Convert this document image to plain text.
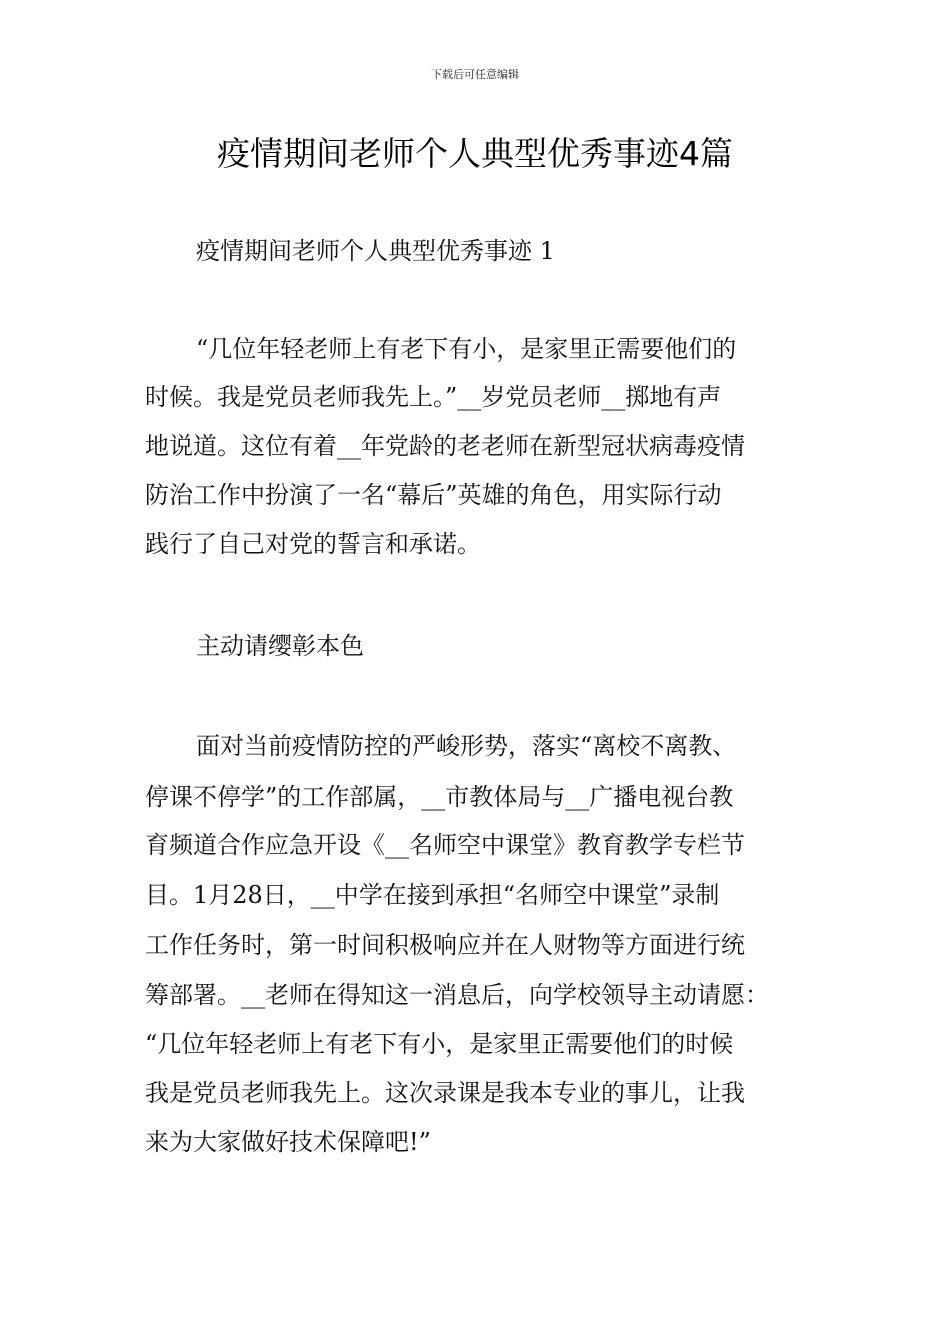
下载后可任意编辑
疫情期间老师个人典型优秀事迹4篇
疫情期间老师个人典型优秀事迹 1
“几位年轻老师上有老下有小，是家里正需要他们的
时候。我是党员老师我先上。”__岁党员老师__掷地有声
地说道。这位有着__年党龄的老老师在新型冠状病毒疫情
防治工作中扮演了一名“幕后”英雄的角色，用实际行动
践行了自己对党的誓言和承诺。
主动请缨彰本色
面对当前疫情防控的严峻形势，落实“离校不离教、
停课不停学”的工作部属，__市教体局与__广播电视台教
育频道合作应急开设《__名师空中课堂》教育教学专栏节
目。1月28日，__中学在接到承担“名师空中课堂”录制
工作任务时，第一时间积极响应并在人财物等方面进行统
筹部署。__老师在得知这一消息后，向学校领导主动请愿：
“几位年轻老师上有老下有小，是家里正需要他们的时候
我是党员老师我先上。这次录课是我本专业的事儿，让我
来为大家做好技术保障吧!”
